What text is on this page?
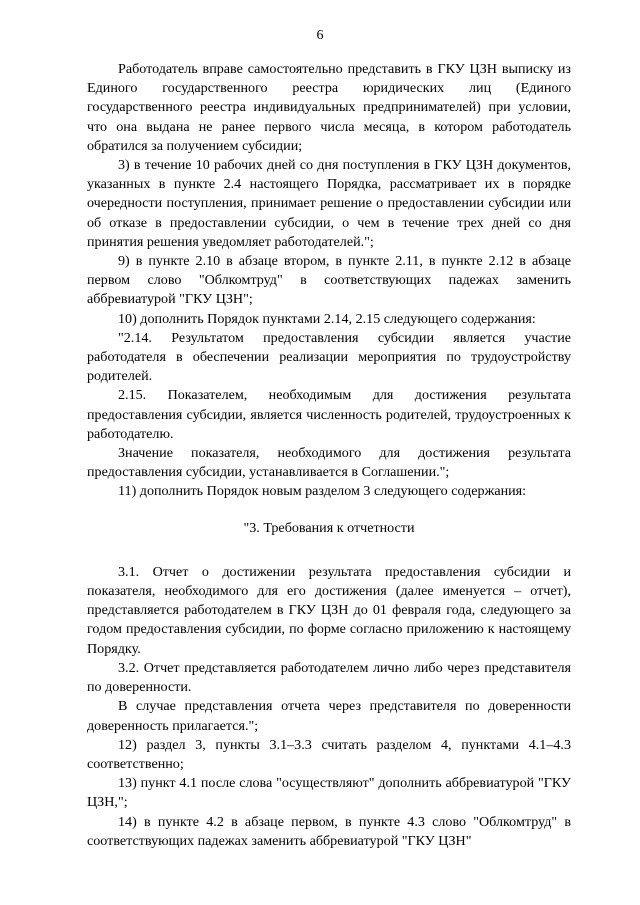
6

Работодатель вправе самостоятельно представить в ГКУ ЦЗН выписку из Единого государственного реестра юридических лиц (Единого государственного реестра индивидуальных предпринимателей) при условии, что она выдана не ранее первого числа месяца, в котором работодатель обратился за получением субсидии;

3) в течение 10 рабочих дней со дня поступления в ГКУ ЦЗН документов, указанных в пункте 2.4 настоящего Порядка, рассматривает их в порядке очередности поступления, принимает решение о предоставлении субсидии или об отказе в предоставлении субсидии, о чем в течение трех дней со дня принятия решения уведомляет работодателей.";

9) в пункте 2.10 в абзаце втором, в пункте 2.11, в пункте 2.12 в абзаце первом слово "Облкомтруд" в соответствующих падежах заменить аббревиатурой "ГКУ ЦЗН";

10) дополнить Порядок пунктами 2.14, 2.15 следующего содержания:

"2.14. Результатом предоставления субсидии является участие работодателя в обеспечении реализации мероприятия по трудоустройству родителей.

2.15. Показателем, необходимым для достижения результата предоставления субсидии, является численность родителей, трудоустроенных к работодателю.

Значение показателя, необходимого для достижения результата предоставления субсидии, устанавливается в Соглашении.";

11) дополнить Порядок новым разделом 3 следующего содержания:

"3. Требования к отчетности

3.1. Отчет о достижении результата предоставления субсидии и показателя, необходимого для его достижения (далее именуется – отчет), представляется работодателем в ГКУ ЦЗН до 01 февраля года, следующего за годом предоставления субсидии, по форме согласно приложению к настоящему Порядку.

3.2. Отчет представляется работодателем лично либо через представителя по доверенности.

В случае представления отчета через представителя по доверенности доверенность прилагается.";

12) раздел 3, пункты 3.1–3.3 считать разделом 4, пунктами 4.1–4.3 соответственно;

13) пункт 4.1 после слова "осуществляют" дополнить аббревиатурой "ГКУ ЦЗН,";

14) в пункте 4.2 в абзаце первом, в пункте 4.3 слово "Облкомтруд" в соответствующих падежах заменить аббревиатурой "ГКУ ЦЗН"
